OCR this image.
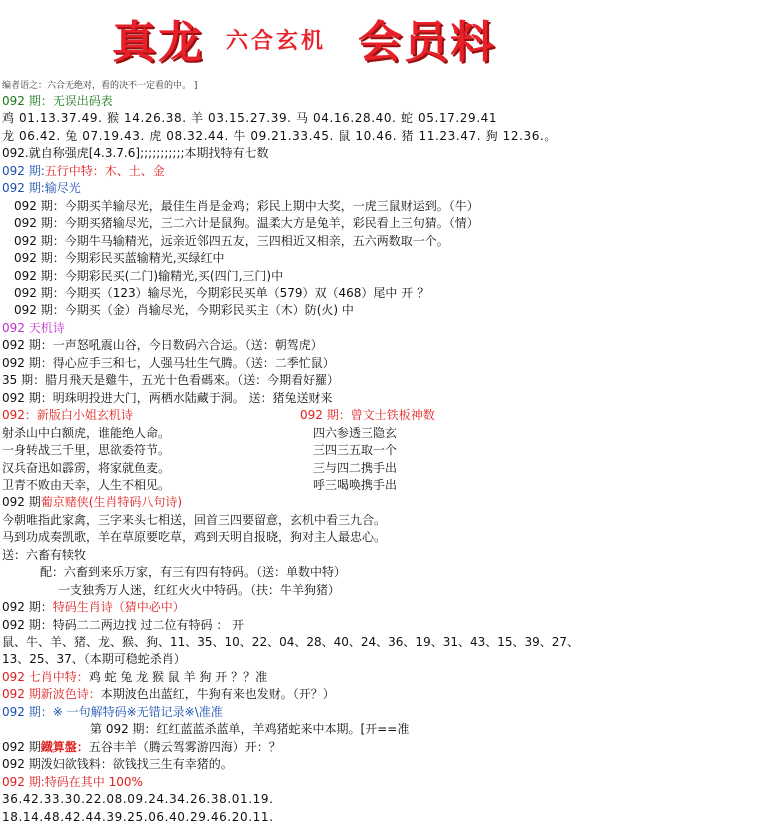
真龙 六合玄机 会员料
编者语之：六合无绝对，看的决不一定看的中。 ]
092 期：无误出码表
鸡 01.13.37.49. 猴 14.26.38. 羊 03.15.27.39. 马 04.16.28.40. 蛇 05.17.29.41
龙 06.42. 兔 07.19.43. 虎 08.32.44. 牛 09.21.33.45. 鼠 10.46. 猪 11.23.47. 狗 12.36.。
092.就自称强虎[4.3.7.6];;;;;;;;;;;本期找特有七数
092 期:五行中特：木、土、金
092 期:输尽光
092 期：今期买羊输尽光，最佳生肖是金鸡；彩民上期中大奖，一虎三鼠财运到。（牛）
092 期：今期买猪输尽光，三二六计是鼠狗。温柔大方是兔羊，彩民看上三句猜。（情）
092 期：今期牛马输精光，远亲近邻四五友，三四相近又相亲，五六两数取一个。
092 期：今期彩民买蓝输精光,买绿红中
092 期：今期彩民买(二门)输精光,买(四门,三门)中
092 期：今期买（123）输尽光，今期彩民买单（579）双（468）尾中 开 ？
092 期：今期买（金）肖输尽光，今期彩民买主（木）防(火) 中
092 天机诗
092 期：一声怒吼震山谷，今日数码六合运。（送：朝驾虎）
092 期：得心应手三和七，人强马壮生气腾。（送：二季忙鼠）
35 期：腊月飛天是雞牛，五光十色看碼來。（送：今期看好羅）
092 期：明珠明投进大门，两栖水陆藏于洞。 送：猪兔送财来
092：新版白小姐玄机诗	092 期：曾文士铁板神数
射杀山中白额虎，谁能绝人命。
一身转战三千里，思欲委符节。
汉兵奋迅如霹雳，将家就鱼麦。
卫青不败由天幸，人生不相见。
四六参透三隐玄
三四三五取一个
三与四二携手出
呼三喝唤携手出
092 期葡京赌侠(生肖特码八句诗)
今朝唯指此家禽，三字来头七相送，回首三四要留意，玄机中看三九合。
马到功成奏凯歌，羊在草原要吃草，鸡到天明自报晓，狗对主人最忠心。
送：六畜有犊牧
配：六畜到来乐万家，有三有四有特码。（送：单数中特）
一支独秀万人迷，红红火火中特码。（扶：牛羊狗猪）
092 期：特码生肖诗（猜中必中）
092 期：特码二二两边找 过二位有特码 ： 开
鼠、牛、羊、猪、龙、猴、狗、11、35、10、22、04、28、40、24、36、19、31、43、15、39、27、
13、25、37、（本期可稳蛇杀肖）
092 七肖中特：鸡 蛇 兔 龙 猴 鼠 羊 狗 开 ？？准
092 期新波色诗：本期波色出蓝红，牛狗有来也发财。（开？）
092 期：※ 一句解特码※无错记录※\准准
第 092 期：红红蓝蓝杀蓝单，羊鸡猪蛇来中本期。[开==准
092 期鐡算盤：五谷丰羊（腾云驾雾游四海）开：？
092 期泼妇欲钱料：欲钱找三生有幸猪的。
092 期:特码在其中 100%
36.42.33.30.22.08.09.24.34.26.38.01.19.
18.14.48.42.44.39.25.06.40.29.46.20.11.
